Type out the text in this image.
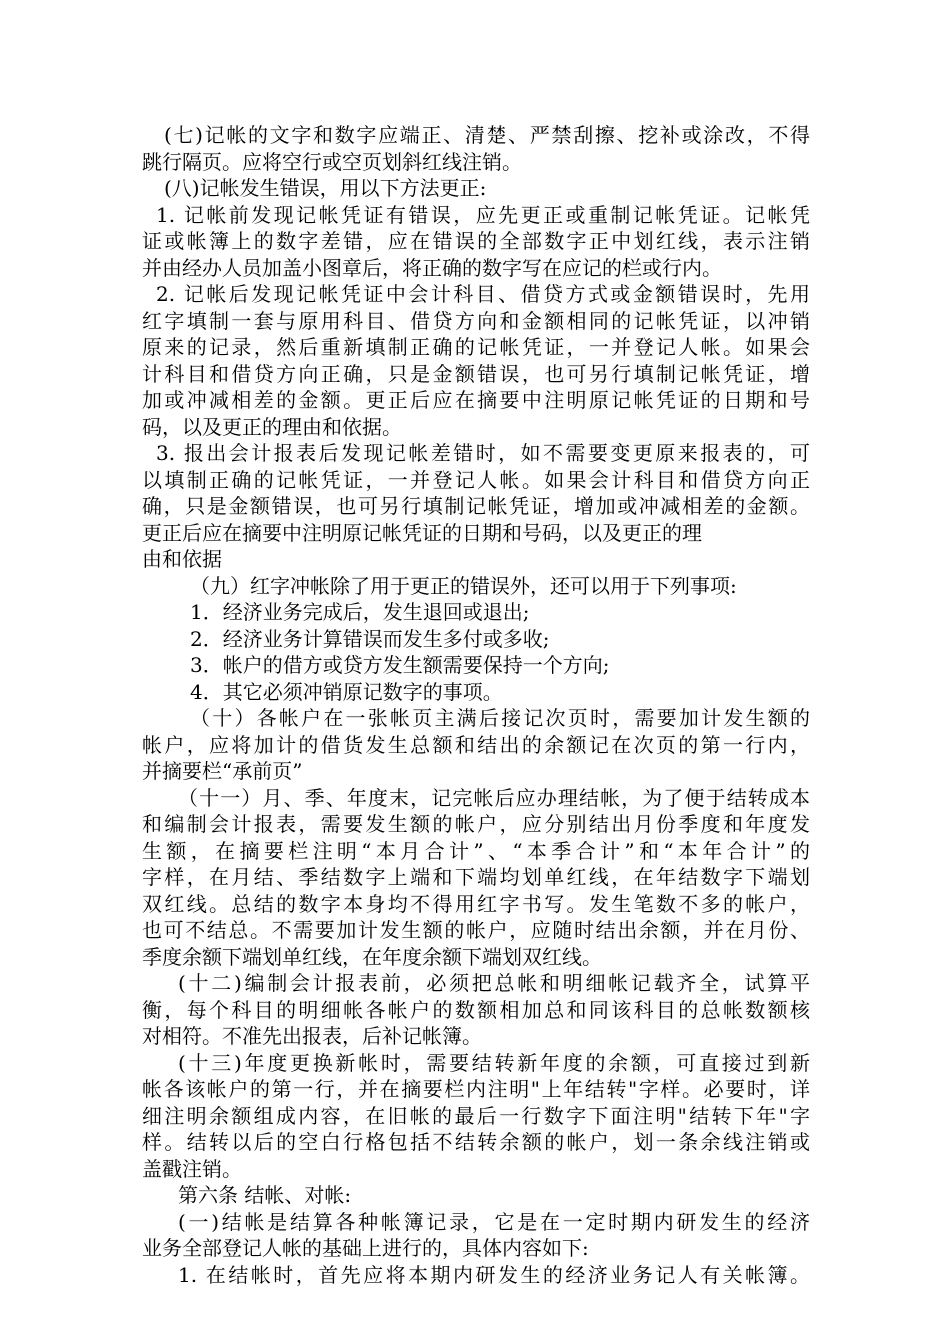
(七)记帐的文字和数字应端正、清楚、严禁刮擦、挖补或涂改，不得
跳行隔页。应将空行或空页划斜红线注销。
(八)记帐发生错误，用以下方法更正:
1. 记帐前发现记帐凭证有错误，应先更正或重制记帐凭证。记帐凭
证或帐簿上的数字差错，应在错误的全部数字正中划红线，表示注销
并由经办人员加盖小图章后，将正确的数字写在应记的栏或行内。
2. 记帐后发现记帐凭证中会计科目、借贷方式或金额错误时，先用
红字填制一套与原用科目、借贷方向和金额相同的记帐凭证，以冲销
原来的记录，然后重新填制正确的记帐凭证，一并登记人帐。如果会
计科目和借贷方向正确，只是金额错误，也可另行填制记帐凭证，增
加或冲减相差的金额。更正后应在摘要中注明原记帐凭证的日期和号
码，以及更正的理由和依据。
3. 报出会计报表后发现记帐差错时，如不需要变更原来报表的，可
以填制正确的记帐凭证，一并登记人帐。如果会计科目和借贷方向正
确，只是金额错误，也可另行填制记帐凭证，增加或冲减相差的金额。
更正后应在摘要中注明原记帐凭证的日期和号码，以及更正的理
由和依据
（九）红字冲帐除了用于更正的错误外，还可以用于下列事项:
1．经济业务完成后，发生退回或退出;
2．经济业务计算错误而发生多付或多收;
3．帐户的借方或贷方发生额需要保持一个方向;
4．其它必须冲销原记数字的事项。
（十）各帐户在一张帐页主满后接记次页时，需要加计发生额的
帐户，应将加计的借货发生总额和结出的余额记在次页的第一行内，
并摘要栏“承前页”
（十一）月、季、年度末，记完帐后应办理结帐，为了便于结转成本
和编制会计报表，需要发生额的帐户，应分别结出月份季度和年度发
生额，在摘要栏注明“本月合计”、“本季合计”和“本年合计”的
字样，在月结、季结数字上端和下端均划单红线，在年结数字下端划
双红线。总结的数字本身均不得用红字书写。发生笔数不多的帐户，
也可不结总。不需要加计发生额的帐户，应随时结出余额，并在月份、
季度余额下端划单红线，在年度余额下端划双红线。
(十二)编制会计报表前，必须把总帐和明细帐记载齐全，试算平
衡，每个科目的明细帐各帐户的数额相加总和同该科目的总帐数额核
对相符。不准先出报表，后补记帐簿。
(十三)年度更换新帐时，需要结转新年度的余额，可直接过到新
帐各该帐户的第一行，并在摘要栏内注明"上年结转"字样。必要时，详
细注明余额组成内容，在旧帐的最后一行数字下面注明"结转下年"字
样。结转以后的空白行格包括不结转余额的帐户，划一条余线注销或
盖戳注销。
第六条 结帐、对帐:
(一)结帐是结算各种帐簿记录，它是在一定时期内研发生的经济
业务全部登记人帐的基础上进行的，具体内容如下:
1. 在结帐时，首先应将本期内研发生的经济业务记人有关帐簿。
